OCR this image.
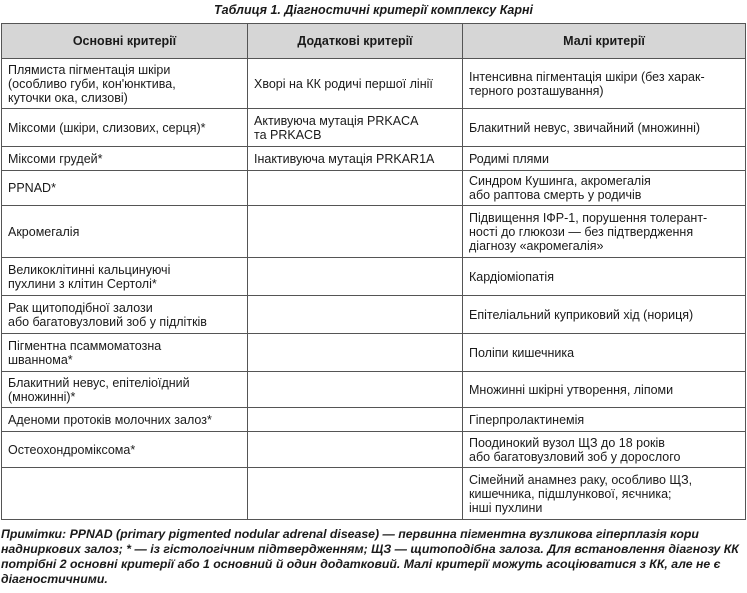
Таблиця 1. Діагностичні критерії комплексу Карні
Основні критерії	Додаткові критерії	Малі критерії
Плямиста пігментація шкіри
(особливо губи, кон'юнктива,
куточки ока, слизові)	Хворі на КК родичі першої лінії	Інтенсивна пігментація шкіри (без харак-
терного розташування)
Міксоми (шкіри, слизових, серця)*	Активуюча мутація PRKACA
та PRKACB	Блакитний невус, звичайний (множинні)
Міксоми грудей*	Інактивуюча мутація PRKAR1A	Родимі плями
PPNAD*		Синдром Кушинга, акромегалія
або раптова смерть у родичів
Акромегалія		Підвищення ІФР-1, порушення толерант-
ності до глюкози — без підтвердження
діагнозу «акромегалія»
Великоклітинні кальцинуючі
пухлини з клітин Сертолі*		Кардіоміопатія
Рак щитоподібної залози
або багатовузловий зоб у підлітків		Епітеліальний куприковий хід (нориця)
Пігментна псаммоматозна
шваннома*		Поліпи кишечника
Блакитний невус, епітеліоїдний
(множинні)*		Множинні шкірні утворення, ліпоми
Аденоми протоків молочних залоз*		Гіперпролактинемія
Остеохондроміксома*		Поодинокий вузол ЩЗ до 18 років
або багатовузловий зоб у дорослого
		Сімейний анамнез раку, особливо ЩЗ,
кишечника, підшлункової, яєчника;
інші пухлини
Примітки: PPNAD (primary pigmented nodular adrenal disease) — первинна пігментна вузликова гіперплазія кори надниркових залоз; * — із гістологічним підтвердженням; ЩЗ — щитоподібна залоза. Для встановлення діагнозу КК потрібні 2 основні критерії або 1 основний й один додатковий. Малі критерії можуть асоціюватися з КК, але не є діагностичними.
